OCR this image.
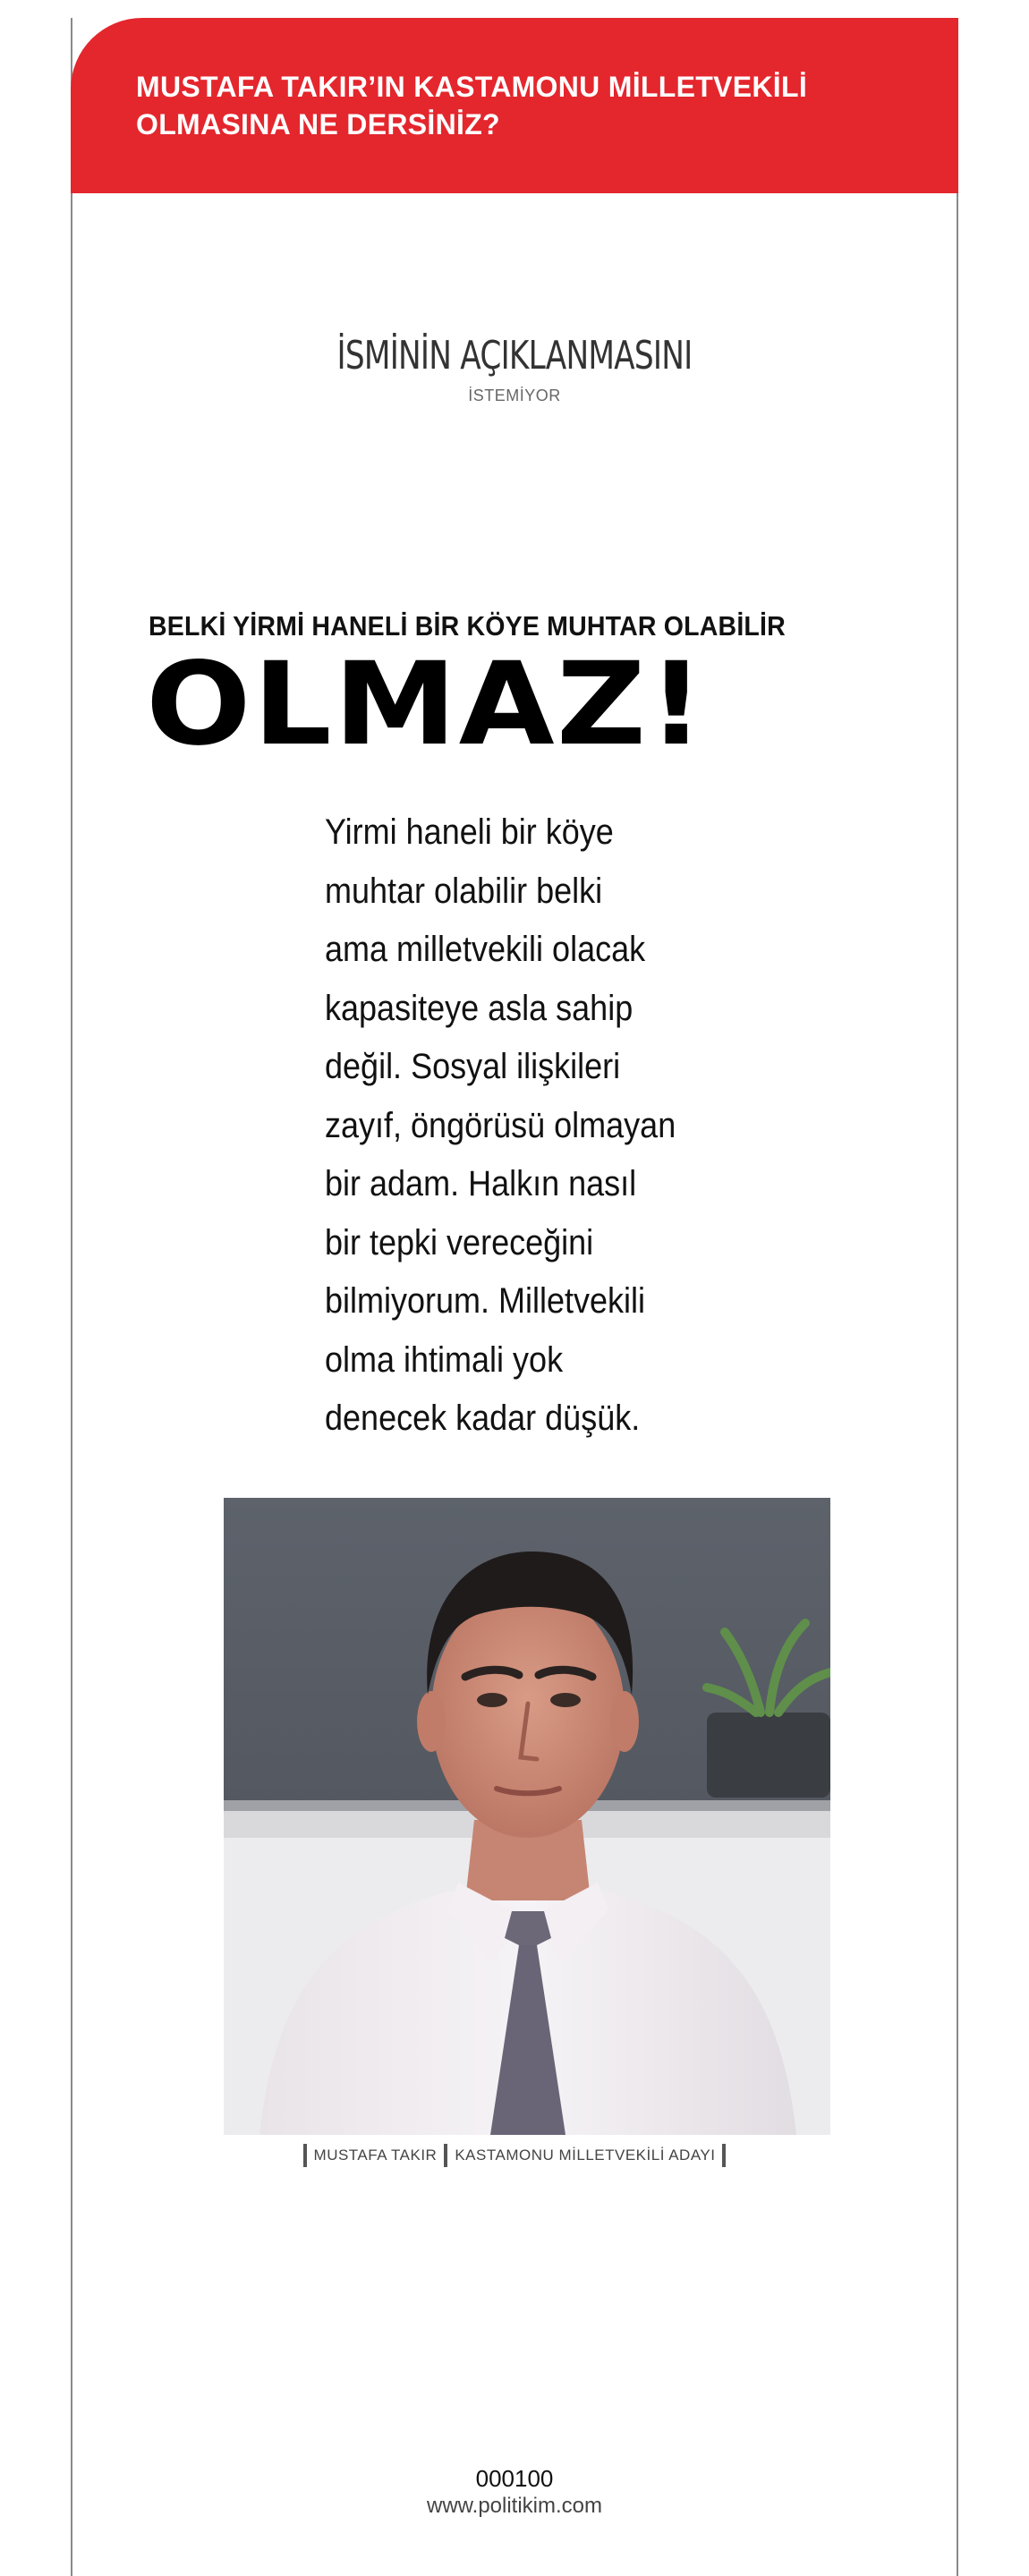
MUSTAFA TAKIR’IN KASTAMONU MİLLETVEKİLİ
OLMASINA NE DERSİNİZ?

İSMİNİN AÇIKLANMASINI
İSTEMİYOR
BELKİ YİRMİ HANELİ BİR KÖYE MUHTAR OLABİLİR
OLMAZ!
Yirmi haneli bir köye
muhtar olabilir belki
ama milletvekili olacak
kapasiteye asla sahip
değil. Sosyal ilişkileri
zayıf, öngörüsü olmayan
bir adam. Halkın nasıl
bir tepki vereceğini
bilmiyorum. Milletvekili
olma ihtimali yok
denecek kadar düşük.
MUSTAFA TAKIR KASTAMONU MİLLETVEKİLİ ADAYI
000100
www.politikim.com
